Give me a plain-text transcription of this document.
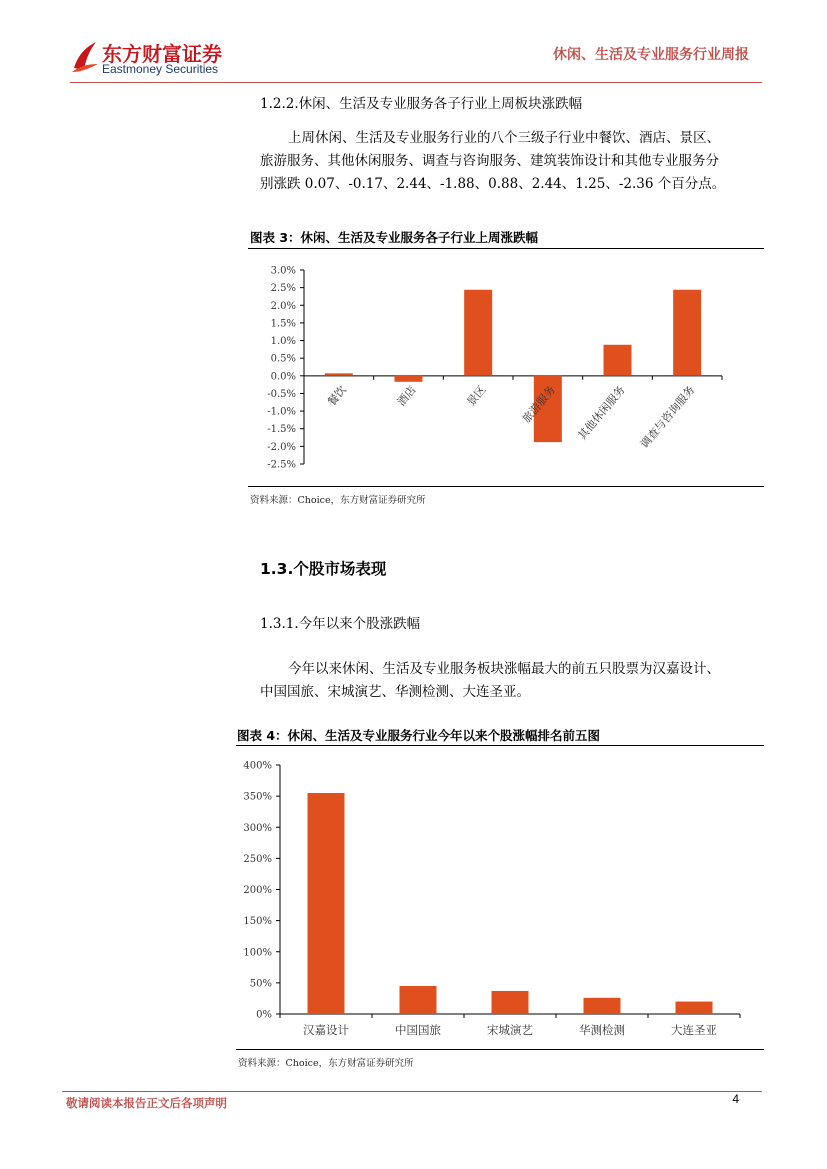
东方财富证券
Eastmoney Securities
休闲、生活及专业服务行业周报
1.2.2.休闲、生活及专业服务各子行业上周板块涨跌幅
上周休闲、生活及专业服务行业的八个三级子行业中餐饮、酒店、景区、
旅游服务、其他休闲服务、调查与咨询服务、建筑装饰设计和其他专业服务分
别涨跌 0.07、-0.17、2.44、-1.88、0.88、2.44、1.25、-2.36 个百分点。
图表 3：休闲、生活及专业服务各子行业上周涨跌幅
3.0%
2.5%
2.0%
1.5%
1.0%
0.5%
0.0%
-0.5%
-1.0%
-1.5%
-2.0%
-2.5%
餐饮	酒店	景区	旅游服务 其他休闲服务 调查与咨询服务
资料来源：Choice，东方财富证券研究所
1.3.个股市场表现
1.3.1.今年以来个股涨跌幅
今年以来休闲、生活及专业服务板块涨幅最大的前五只股票为汉嘉设计、
中国国旅、宋城演艺、华测检测、大连圣亚。
图表 4：休闲、生活及专业服务行业今年以来个股涨幅排名前五图
400%
350%
300%
250%
200%
150%
100%
50%
0%
汉嘉设计	中国国旅	宋城演艺	华测检测	大连圣亚
资料来源：Choice，东方财富证券研究所
敬请阅读本报告正文后各项声明	4
